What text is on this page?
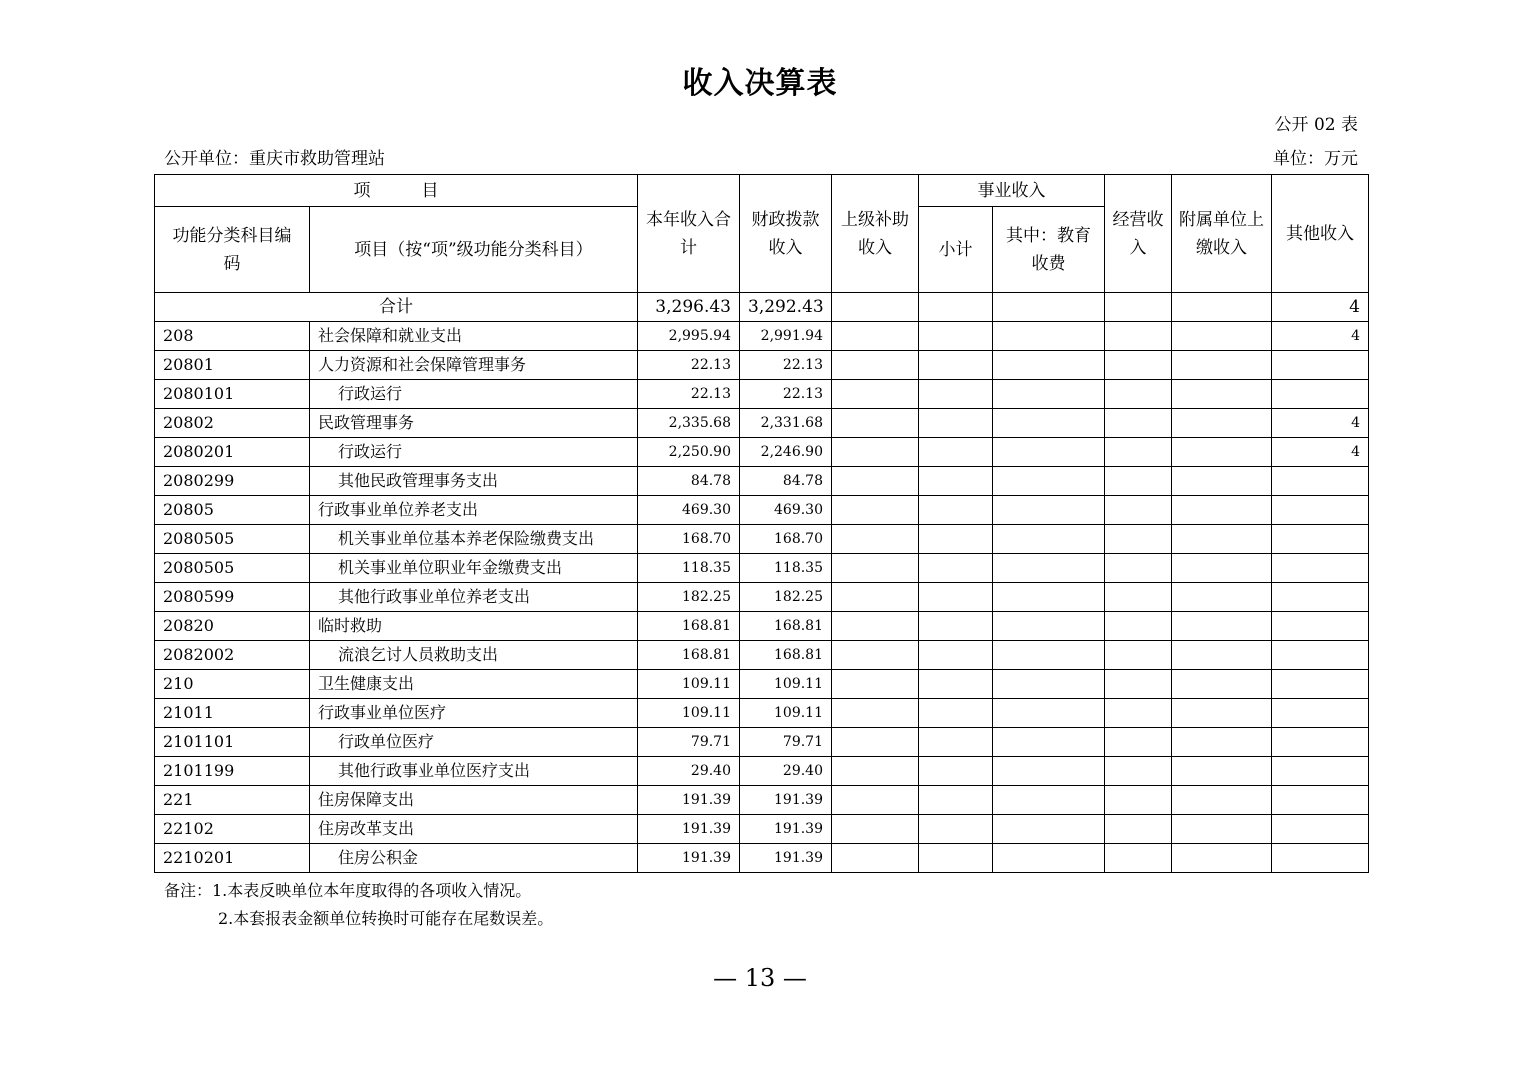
收入决算表
公开 02 表
公开单位：重庆市救助管理站	单位：万元
项　　　目		本年收入合计	财政拨款收入	上级补助收入	事业收入		经营收入	附属单位上缴收入	其他收入
功能分类科目编码	项目（按“项”级功能分类科目）				小计	其中：教育收费			

合计		3,296.43	3,292.43						4
208	社会保障和就业支出	2,995.94	2,991.94						4
20801	人力资源和社会保障管理事务	22.13	22.13						
2080101	行政运行	22.13	22.13						
20802	民政管理事务	2,335.68	2,331.68						4
2080201	行政运行	2,250.90	2,246.90						4
2080299	其他民政管理事务支出	84.78	84.78						
20805	行政事业单位养老支出	469.30	469.30						
2080505	机关事业单位基本养老保险缴费支出	168.70	168.70						
2080505	机关事业单位职业年金缴费支出	118.35	118.35						
2080599	其他行政事业单位养老支出	182.25	182.25						
20820	临时救助	168.81	168.81						
2082002	流浪乞讨人员救助支出	168.81	168.81						
210	卫生健康支出	109.11	109.11						
21011	行政事业单位医疗	109.11	109.11						
2101101	行政单位医疗	79.71	79.71						
2101199	其他行政事业单位医疗支出	29.40	29.40						
221	住房保障支出	191.39	191.39						
22102	住房改革支出	191.39	191.39						
2210201	住房公积金	191.39	191.39						
备注：1.本表反映单位本年度取得的各项收入情况。
2.本套报表金额单位转换时可能存在尾数误差。
— 13 —
